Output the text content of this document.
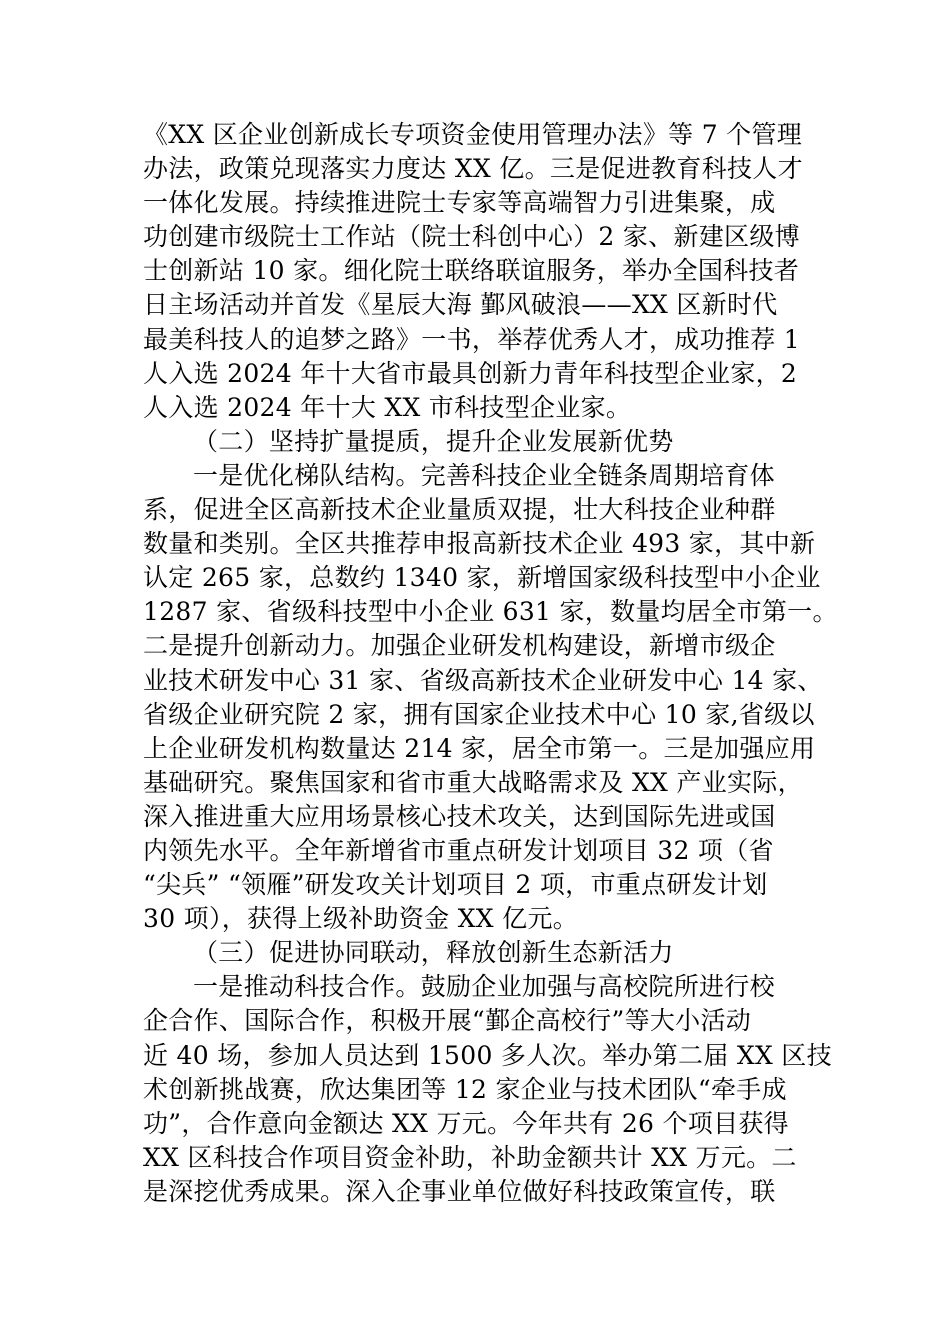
《XX 区企业创新成长专项资金使用管理办法》等 7 个管理
办法，政策兑现落实力度达 XX 亿。三是促进教育科技人才
一体化发展。持续推进院士专家等高端智力引进集聚，成
功创建市级院士工作站（院士科创中心）2 家、新建区级博
士创新站 10 家。细化院士联络联谊服务，举办全国科技者
日主场活动并首发《星辰大海 鄞风破浪——XX 区新时代
最美科技人的追梦之路》一书，举荐优秀人才，成功推荐 1
人入选 2024 年十大省市最具创新力青年科技型企业家，2
人入选 2024 年十大 XX 市科技型企业家。
（二）坚持扩量提质，提升企业发展新优势
一是优化梯队结构。完善科技企业全链条周期培育体
系，促进全区高新技术企业量质双提，壮大科技企业种群
数量和类别。全区共推荐申报高新技术企业 493 家，其中新
认定 265 家，总数约 1340 家，新增国家级科技型中小企业
1287 家、省级科技型中小企业 631 家，数量均居全市第一。
二是提升创新动力。加强企业研发机构建设，新增市级企
业技术研发中心 31 家、省级高新技术企业研发中心 14 家、
省级企业研究院 2 家，拥有国家企业技术中心 10 家,省级以
上企业研发机构数量达 214 家，居全市第一。三是加强应用
基础研究。聚焦国家和省市重大战略需求及 XX 产业实际，
深入推进重大应用场景核心技术攻关，达到国际先进或国
内领先水平。全年新增省市重点研发计划项目 32 项（省
“尖兵” “领雁”研发攻关计划项目 2 项，市重点研发计划
30 项），获得上级补助资金 XX 亿元。
（三）促进协同联动，释放创新生态新活力
一是推动科技合作。鼓励企业加强与高校院所进行校
企合作、国际合作，积极开展“鄞企高校行”等大小活动
近 40 场，参加人员达到 1500 多人次。举办第二届 XX 区技
术创新挑战赛，欣达集团等 12 家企业与技术团队“牵手成
功”，合作意向金额达 XX 万元。今年共有 26 个项目获得
XX 区科技合作项目资金补助，补助金额共计 XX 万元。二
是深挖优秀成果。深入企事业单位做好科技政策宣传，联
